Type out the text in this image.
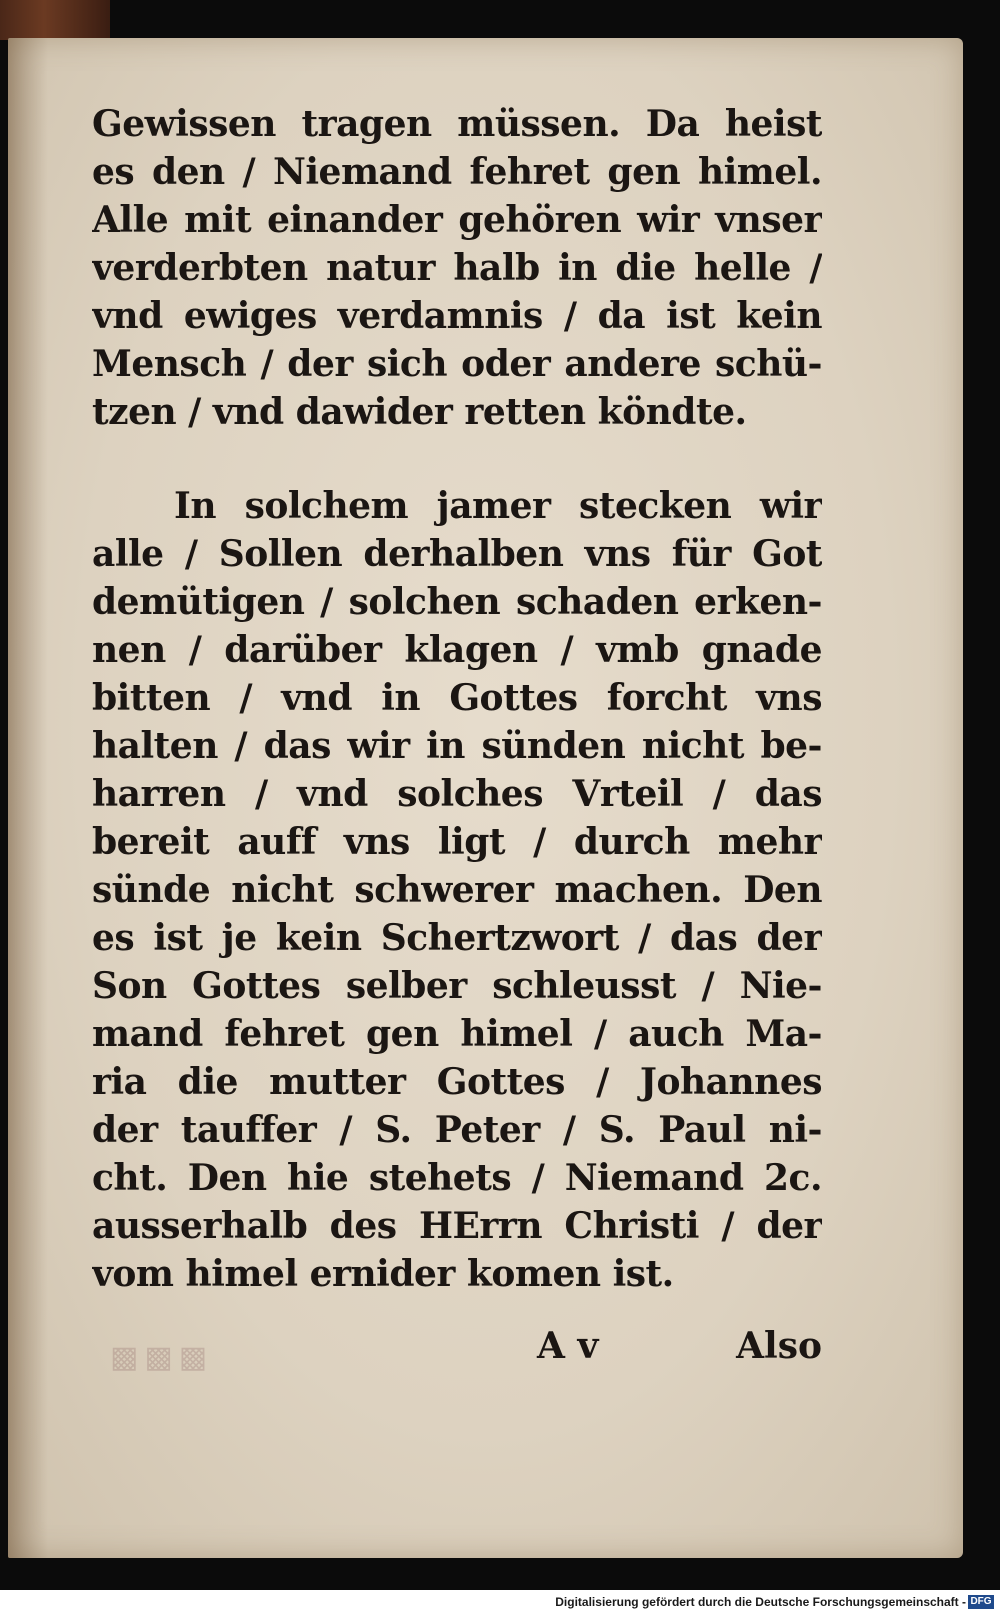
Gewissen tragen müssen. Da heist
es den / Niemand fehret gen himel.
Alle mit einander gehören wir vnser
verderbten natur halb in die helle /
vnd ewiges verdamnis / da ist kein
Mensch / der sich oder andere schü-
tzen / vnd dawider retten köndte.
In solchem jamer stecken wir
alle / Sollen derhalben vns für Got
demütigen / solchen schaden erken-
nen / darüber klagen / vmb gnade
bitten / vnd in Gottes forcht vns
halten / das wir in sünden nicht be-
harren / vnd solches Vrteil / das
bereit auff vns ligt / durch mehr
sünde nicht schwerer machen. Den
es ist je kein Schertzwort / das der
Son Gottes selber schleusst / Nie-
mand fehret gen himel / auch Ma-
ria die mutter Gottes / Johannes
der tauffer / S. Peter / S. Paul ni-
cht. Den hie stehets / Niemand 2c.
ausserhalb des HErrn Christi / der
vom himel ernider komen ist.
▩▩▩	A v	Also
Digitalisierung gefördert durch die Deutsche Forschungsgemeinschaft - DFG
